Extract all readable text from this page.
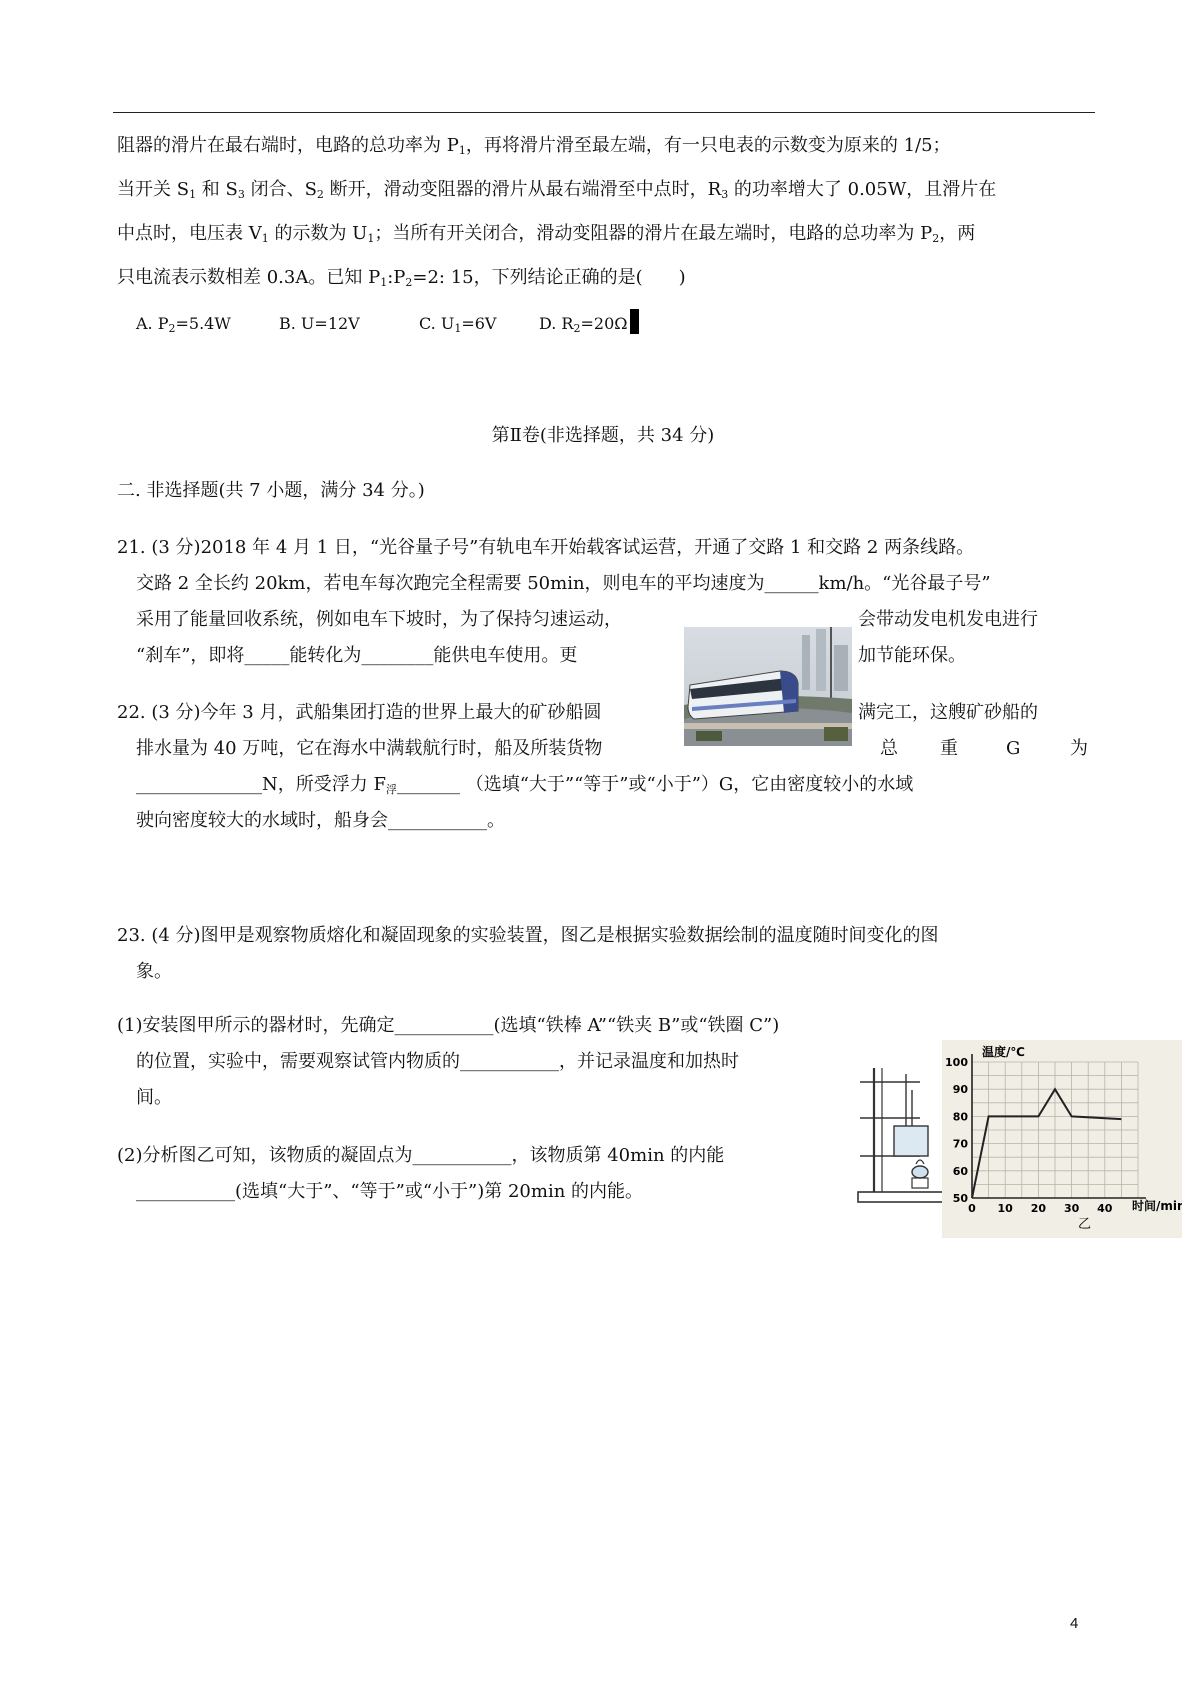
阻器的滑片在最右端时，电路的总功率为 $P_1$，再将滑片滑至最左端，有一只电表的示数变为原来的 1/5；
当开关 $S_1$ 和 $S_3$ 闭合、$S_2$ 断开，滑动变阻器的滑片从最右端滑至中点时，$R_3$ 的功率增大了 0.05W，且滑片在
中点时，电压表 $V_1$ 的示数为 $U_1$；当所有开关闭合，滑动变阻器的滑片在最左端时，电路的总功率为 $P_2$，两
只电流表示数相差 0.3A。已知 $P_1:P_2=2$: 15，下列结论正确的是(　　)
A. $P_2=5.4W$	B. U=12V	C. $U_1=6V$	D. $R_2=20\Omega$
第Ⅱ卷(非选择题，共 34 分)
二. 非选择题(共 7 小题，满分 34 分。)
21. (3 分)2018 年 4 月 1 日，“光谷量子号”有轨电车开始载客试运营，开通了交路 1 和交路 2 两条线路。
交路 2 全长约 20km，若电车每次跑完全程需要 50min，则电车的平均速度为______km/h。“光谷最子号”
采用了能量回收系统，例如电车下坡时，为了保持匀速运动，	会带动发电机发电进行
“刹车”，即将_____能转化为________能供电车使用。更	加节能环保。
22. (3 分)今年 3 月，武船集团打造的世界上最大的矿砂船圆	满完工，这艘矿砂船的
排水量为 40 万吨，它在海水中满载航行时，船及所装货物	总 重	G	为
______________N，所受浮力 $F_浮\_\_\_\_\_\_\_$ （选填“大于”“等于”或“小于”）G，它由密度较小的水域
驶向密度较大的水域时，船身会___________。
23. (4 分)图甲是观察物质熔化和凝固现象的实验装置，图乙是根据实验数据绘制的温度随时间变化的图
象。
(1)安装图甲所示的器材时，先确定___________(选填“铁棒 A”“铁夹 B”或“铁圈 C”)
的位置，实验中，需要观察试管内物质的___________，并记录温度和加热时
间。
(2)分析图乙可知，该物质的凝固点为___________，该物质第 40min 的内能
___________(选填“大于”、“等于”或“小于”)第 20min 的内能。
0 10 20 30 40
50
60
70
80
90
100
温度/℃
时间/min
乙
4
